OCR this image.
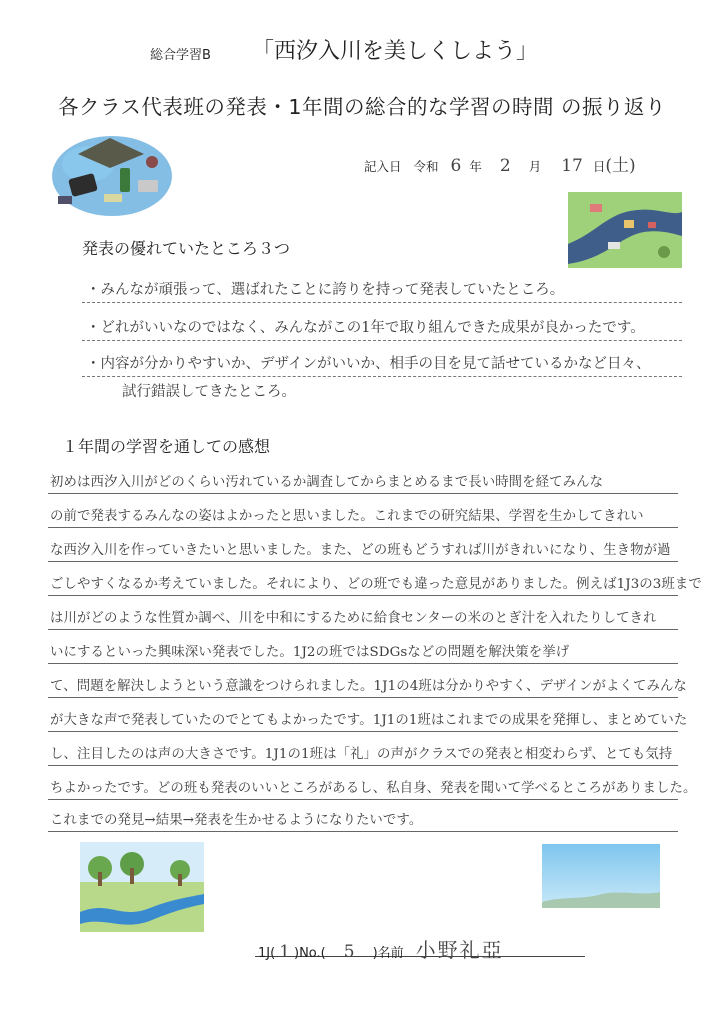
総合学習B 「西汐入川を美しくしよう」
各クラス代表班の発表・1年間の総合的な学習の時間 の振り返り
記入日 令和 6 年 2 月 17 日 (土)
発表の優れていたところ３つ
・みんなが頑張って、選ばれたことに誇りを持って発表していたところ。
・どれがいいなのではなく、みんながこの1年で取り組んできた成果が良かったです。
・内容が分かりやすいか、デザインがいいか、相手の目を見て話せているかなど日々、
試行錯誤してきたところ。
１年間の学習を通しての感想
初めは西汐入川がどのくらい汚れているか調査してからまとめるまで長い時間を経てみんな
の前で発表するみんなの姿はよかったと思いました。これまでの研究結果、学習を生かしてきれい
な西汐入川を作っていきたいと思いました。また、どの班もどうすれば川がきれいになり、生き物が過
ごしやすくなるか考えていました。それにより、どの班でも違った意見がありました。例えば1J3の3班まで
は川がどのような性質か調べ、川を中和にするために給食センターの米のとぎ汁を入れたりしてきれ
いにするといった興味深い発表でした。1J2の班ではSDGsなどの問題を解決策を挙げ
て、問題を解決しようという意識をつけられました。1J1の4班は分かりやすく、デザインがよくてみんな
が大きな声で発表していたのでとてもよかったです。1J1の1班はこれまでの成果を発揮し、まとめていた
し、注目したのは声の大きさです。1J1の1班は「礼」の声がクラスでの発表と相変わらず、とても気持
ちよかったです。どの班も発表のいいところがあるし、私自身、発表を聞いて学べるところがありました。
これまでの発見→結果→発表を生かせるようになりたいです。
1J( 1 )No.( 5 )名前 小野礼亞
